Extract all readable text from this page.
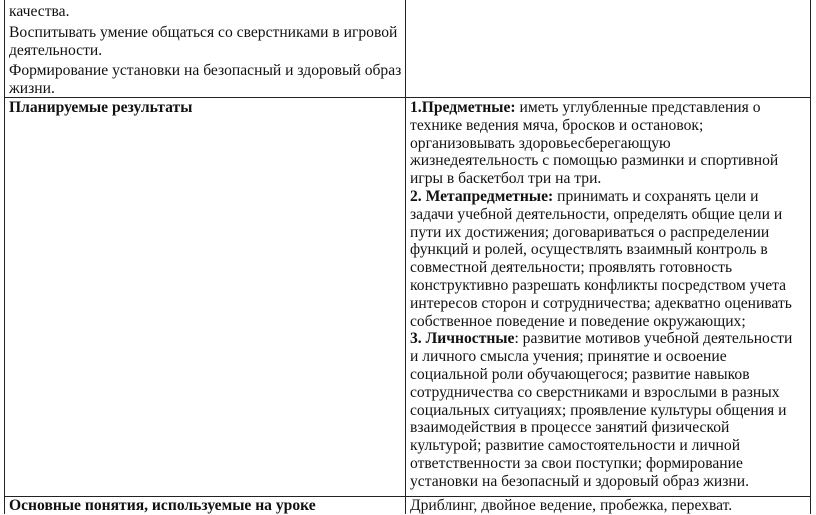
качества.

Воспитывать умение общаться со сверстниками в игровой

деятельности.

Формирование установки на безопасный и здоровый образ

жизни.

Планируемые результаты	1.Предметные: иметь углубленные представления о

технике ведения мяча, бросков и остановок;

организовывать здоровьесберегающую

жизнедеятельность с помощью разминки и спортивной

игры в баскетбол три на три.

2. Метапредметные: принимать и сохранять цели и

задачи учебной деятельности, определять общие цели и

пути их достижения; договариваться о распределении

функций и ролей, осуществлять взаимный контроль в

совместной деятельности; проявлять готовность

конструктивно разрешать конфликты посредством учета

интересов сторон и сотрудничества; адекватно оценивать

собственное поведение и поведение окружающих;

3. Личностные: развитие мотивов учебной деятельности

и личного смысла учения; принятие и освоение

социальной роли обучающегося; развитие навыков

сотрудничества со сверстниками и взрослыми в разных

социальных ситуациях; проявление культуры общения и

взаимодействия в процессе занятий физической

культурой; развитие самостоятельности и личной

ответственности за свои поступки; формирование

установки на безопасный и здоровый образ жизни.

Основные понятия, используемые на уроке	Дриблинг, двойное ведение, пробежка, перехват.
